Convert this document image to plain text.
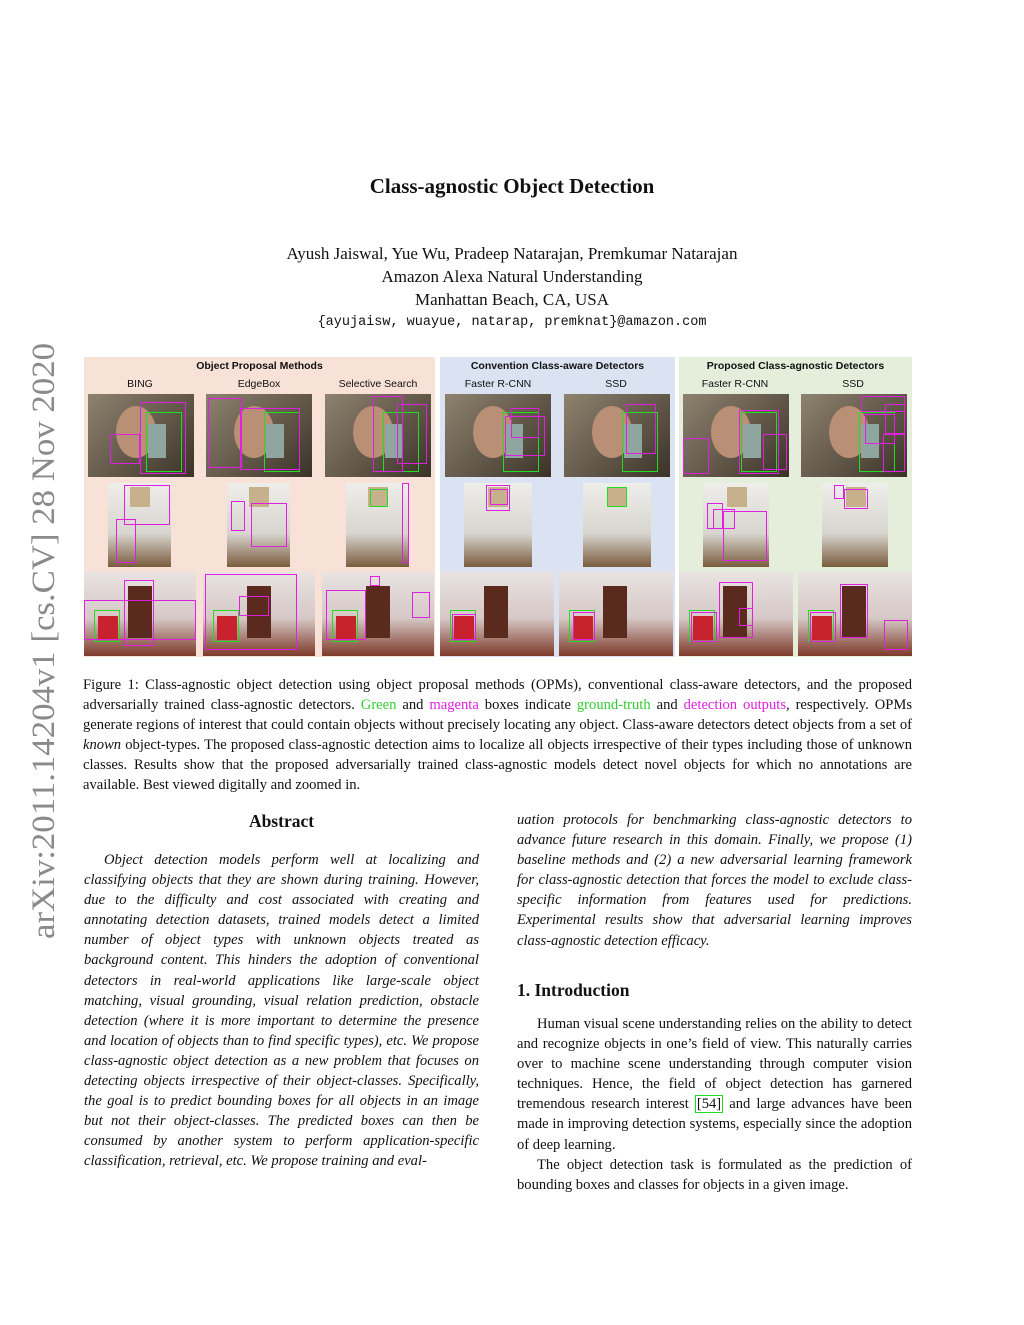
arXiv:2011.14204v1 [cs.CV] 28 Nov 2020
Class-agnostic Object Detection
Ayush Jaiswal, Yue Wu, Pradeep Natarajan, Premkumar Natarajan
Amazon Alexa Natural Understanding
Manhattan Beach, CA, USA
{ayujaisw, wuayue, natarap, premknat}@amazon.com
Object Proposal Methods
BING	EdgeBox	Selective Search
Convention Class-aware Detectors
Faster R-CNN	SSD
Proposed Class-agnostic Detectors
Faster R-CNN	SSD
Figure 1: Class-agnostic object detection using object proposal methods (OPMs), conventional class-aware detectors, and the proposed adversarially trained class-agnostic detectors. Green and magenta boxes indicate ground-truth and detection outputs, respectively. OPMs generate regions of interest that could contain objects without precisely locating any object. Class-aware detectors detect objects from a set of known object-types. The proposed class-agnostic detection aims to localize all objects irrespective of their types including those of unknown classes. Results show that the proposed adversarially trained class-agnostic models detect novel objects for which no annotations are available. Best viewed digitally and zoomed in.
Abstract

Object detection models perform well at localizing and classifying objects that they are shown during training. However, due to the difficulty and cost associated with creating and annotating detection datasets, trained models detect a limited number of object types with unknown objects treated as background content. This hinders the adoption of conventional detectors in real-world applications like large-scale object matching, visual grounding, visual relation prediction, obstacle detection (where it is more important to determine the presence and location of objects than to find specific types), etc. We propose class-agnostic object detection as a new problem that focuses on detecting objects irrespective of their object-classes. Specifically, the goal is to predict bounding boxes for all objects in an image but not their object-classes. The predicted boxes can then be consumed by another system to perform application-specific classification, retrieval, etc. We propose training and eval-

uation protocols for benchmarking class-agnostic detectors to advance future research in this domain. Finally, we propose (1) baseline methods and (2) a new adversarial learning framework for class-agnostic detection that forces the model to exclude class-specific information from features used for predictions. Experimental results show that adversarial learning improves class-agnostic detection efficacy.

1. Introduction

Human visual scene understanding relies on the ability to detect and recognize objects in one’s field of view. This naturally carries over to machine scene understanding through computer vision techniques. Hence, the field of object detection has garnered tremendous research interest [54] and large advances have been made in improving detection systems, especially since the adoption of deep learning.

The object detection task is formulated as the prediction of bounding boxes and classes for objects in a given image.
